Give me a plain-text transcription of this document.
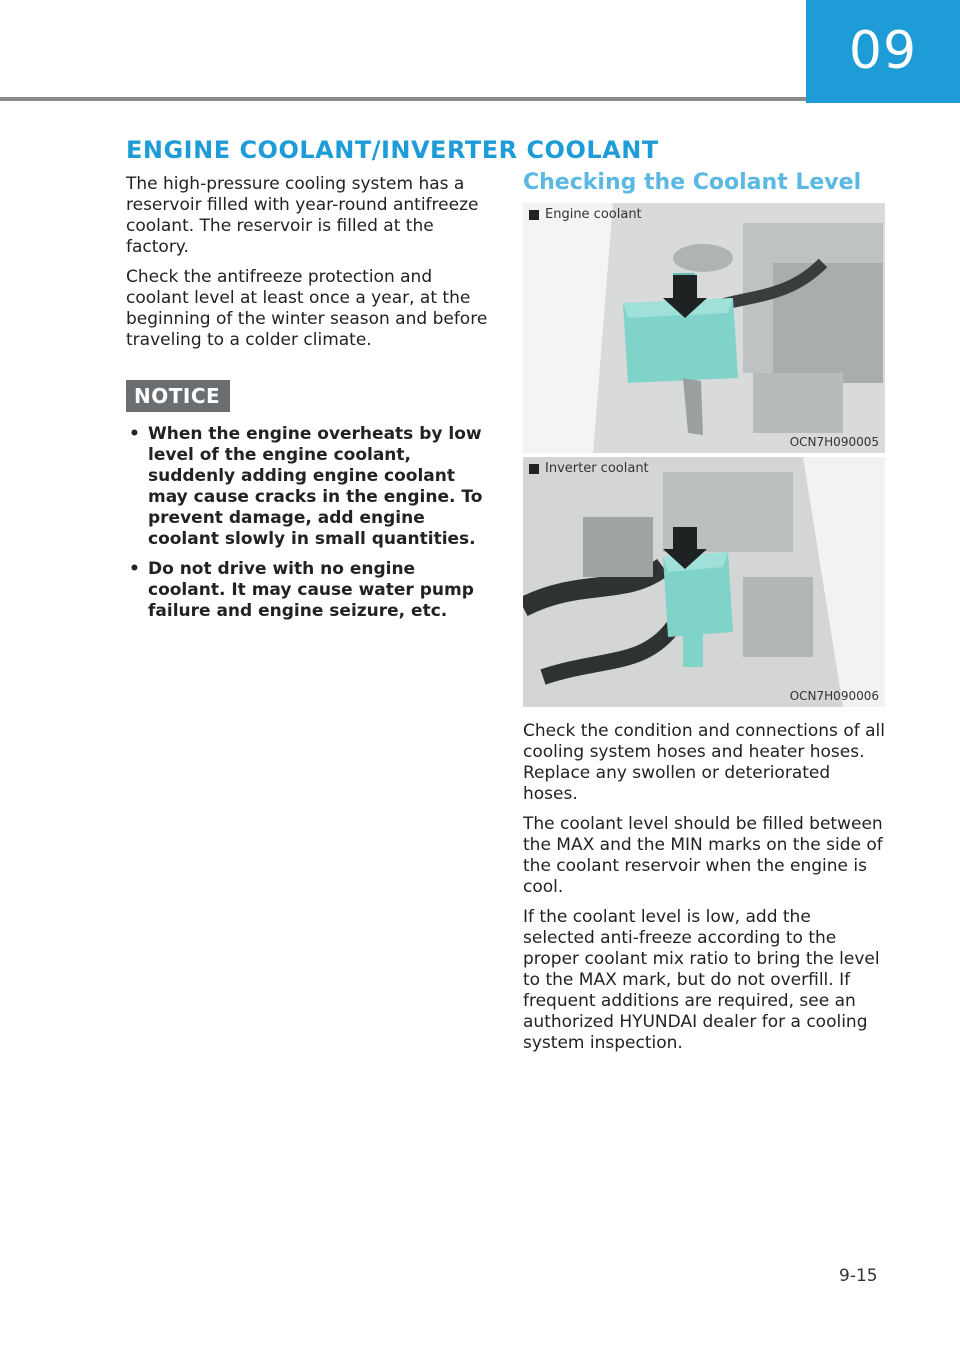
09
ENGINE COOLANT/INVERTER COOLANT

The high-pressure cooling system has a reservoir filled with year-round antifreeze coolant. The reservoir is filled at the factory.

Check the antifreeze protection and coolant level at least once a year, at the beginning of the winter season and before traveling to a colder climate.

NOTICE
• When the engine overheats by low level of the engine coolant, suddenly adding engine coolant may cause cracks in the engine. To prevent damage, add engine coolant slowly in small quantities.
• Do not drive with no engine coolant. It may cause water pump failure and engine seizure, etc.
Checking the Coolant Level
Engine coolant
OCN7H090005
Inverter coolant
OCN7H090006

Check the condition and connections of all cooling system hoses and heater hoses. Replace any swollen or deteriorated hoses.

The coolant level should be filled between the MAX and the MIN marks on the side of the coolant reservoir when the engine is cool.

If the coolant level is low, add the selected anti-freeze according to the proper coolant mix ratio to bring the level to the MAX mark, but do not overfill. If frequent additions are required, see an authorized HYUNDAI dealer for a cooling system inspection.

9-15
